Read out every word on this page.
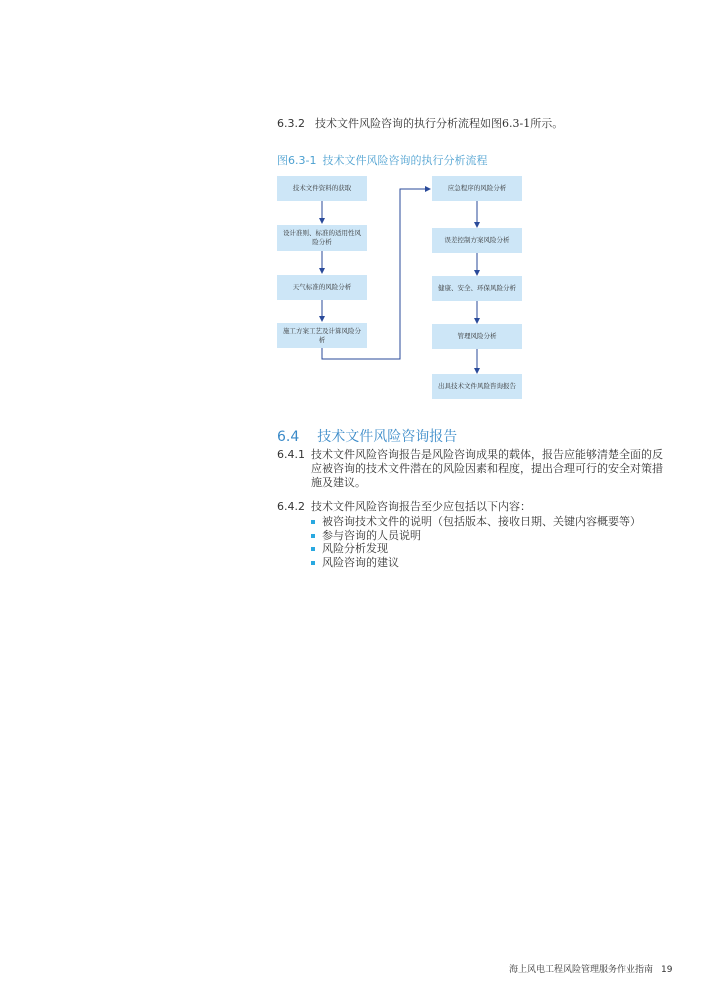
6.3.2 技术文件风险咨询的执行分析流程如图6.3-1所示。
图6.3-1 技术文件风险咨询的执行分析流程
技术文件资料的获取
设计准则、标准的适用性风险分析
天气标准的风险分析
施工方案工艺及计算风险分析
应急程序的风险分析
误差控制方案风险分析
健康、安全、环保风险分析
管理风险分析
出具技术文件风险咨询报告
6.4 技术文件风险咨询报告
6.4.1 技术文件风险咨询报告是风险咨询成果的载体，报告应能够清楚全面的反应被咨询的技术文件潜在的风险因素和程度，提出合理可行的安全对策措施及建议。
6.4.2 技术文件风险咨询报告至少应包括以下内容：
被咨询技术文件的说明（包括版本、接收日期、关键内容概要等）
参与咨询的人员说明
风险分析发现
风险咨询的建议
海上风电工程风险管理服务作业指南 19
